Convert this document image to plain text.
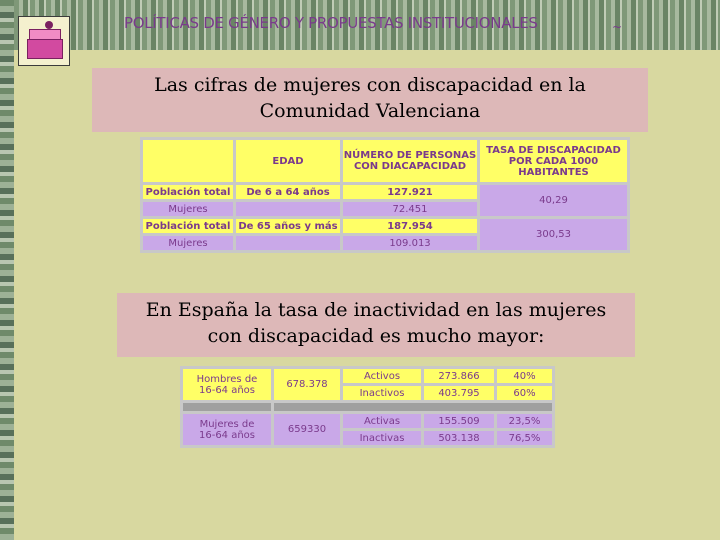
POLÍTICAS DE GÉNERO Y PROPUESTAS INSTITUCIONALES	~
Las cifras de mujeres con discapacidad en la
Comunidad Valenciana
	EDAD	NÚMERO DE PERSONAS CON DIACAPACIDAD	TASA DE DISCAPACIDAD POR CADA 1000 HABITANTES
Población total	De 6 a 64 años	127.921	40,29
Mujeres		72.451	
Población total	De 65 años y más	187.954	300,53
Mujeres		109.013	
En España la tasa de inactividad en las mujeres
con discapacidad es mucho mayor:
Hombres de
16-64 años	678.378	Activos	273.866	40%
		Inactivos	403.795	60%

Mujeres de
16-64 años	659330	Activas	155.509	23,5%
		Inactivas	503.138	76,5%
